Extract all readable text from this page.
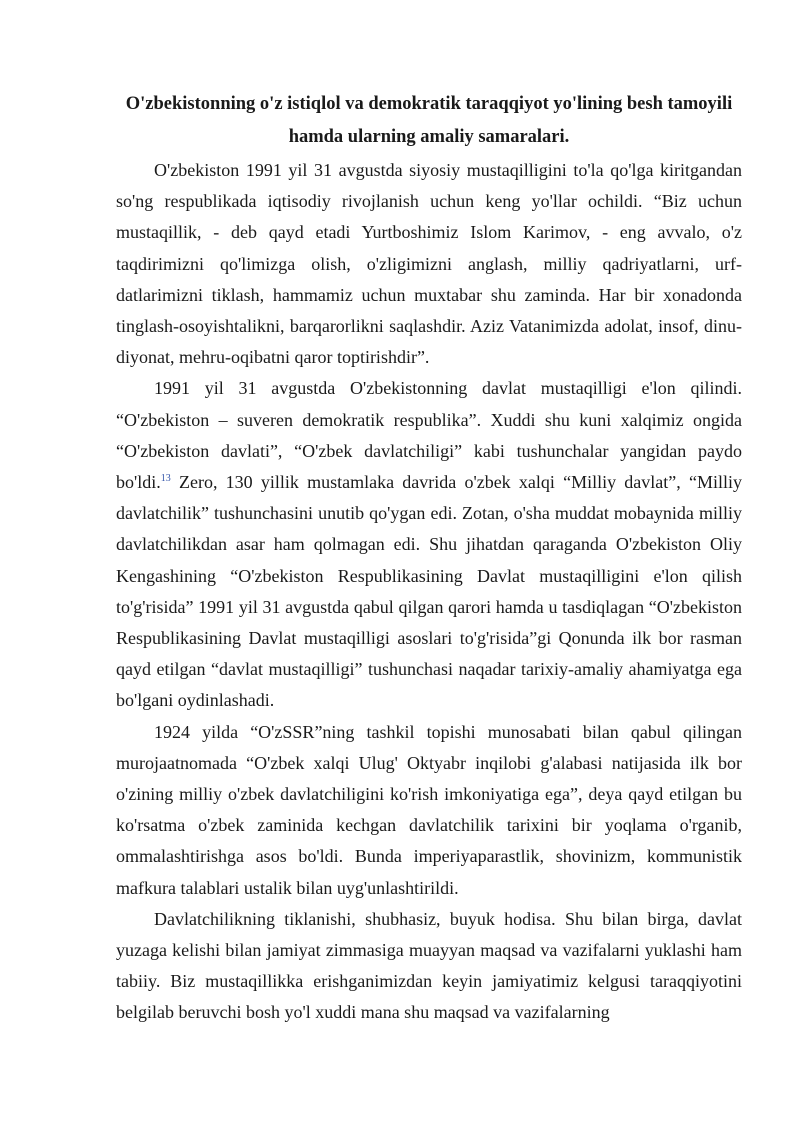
O'zbekistonning o'z istiqlol va demokratik taraqqiyot yo'lining besh tamoyili
hamda ularning amaliy samaralari.

O'zbekiston 1991 yil 31 avgustda siyosiy mustaqilligini to'la qo'lga kiritgandan so'ng respublikada iqtisodiy rivojlanish uchun keng yo'llar ochildi. “Biz uchun mustaqillik, - deb qayd etadi Yurtboshimiz Islom Karimov, - eng avvalo, o'z taqdirimizni qo'limizga olish, o'zligimizni anglash, milliy qadriyatlarni, urf- datlarimizni tiklash, hammamiz uchun muxtabar shu zaminda. Har bir xonadonda tinglash-osoyishtalikni, barqarorlikni saqlashdir. Aziz Vatanimizda adolat, insof, dinu-diyonat, mehru-oqibatni qaror toptirishdir”.

1991 yil 31 avgustda O'zbekistonning davlat mustaqilligi e'lon qilindi. “O'zbekiston – suveren demokratik respublika”. Xuddi shu kuni xalqimiz ongida “O'zbekiston davlati”, “O'zbek davlatchiligi” kabi tushunchalar yangidan paydo bo'ldi.$^{13}$ Zero, 130 yillik mustamlaka davrida o'zbek xalqi “Milliy davlat”, “Milliy davlatchilik” tushunchasini unutib qo'ygan edi. Zotan, o'sha muddat mobaynida milliy davlatchilikdan asar ham qolmagan edi. Shu jihatdan qaraganda O'zbekiston Oliy Kengashining “O'zbekiston Respublikasining Davlat mustaqilligini e'lon qilish to'g'risida” 1991 yil 31 avgustda qabul qilgan qarori hamda u tasdiqlagan “O'zbekiston Respublikasining Davlat mustaqilligi asoslari to'g'risida”gi Qonunda ilk bor rasman qayd etilgan “davlat mustaqilligi” tushunchasi naqadar tarixiy-amaliy ahamiyatga ega bo'lgani oydinlashadi.

1924 yilda “O'zSSR”ning tashkil topishi munosabati bilan qabul qilingan murojaatnomada “O'zbek xalqi Ulug' Oktyabr inqilobi g'alabasi natijasida ilk bor o'zining milliy o'zbek davlatchiligini ko'rish imkoniyatiga ega”, deya qayd etilgan bu ko'rsatma o'zbek zaminida kechgan davlatchilik tarixini bir yoqlama o'rganib, ommalashtirishga asos bo'ldi. Bunda imperiyaparastlik, shovinizm, kommunistik mafkura talablari ustalik bilan uyg'unlashtirildi.

Davlatchilikning tiklanishi, shubhasiz, buyuk hodisa. Shu bilan birga, davlat yuzaga kelishi bilan jamiyat zimmasiga muayyan maqsad va vazifalarni yuklashi ham tabiiy. Biz mustaqillikka erishganimizdan keyin jamiyatimiz kelgusi taraqqiyotini belgilab beruvchi bosh yo'l xuddi mana shu maqsad va vazifalarning
